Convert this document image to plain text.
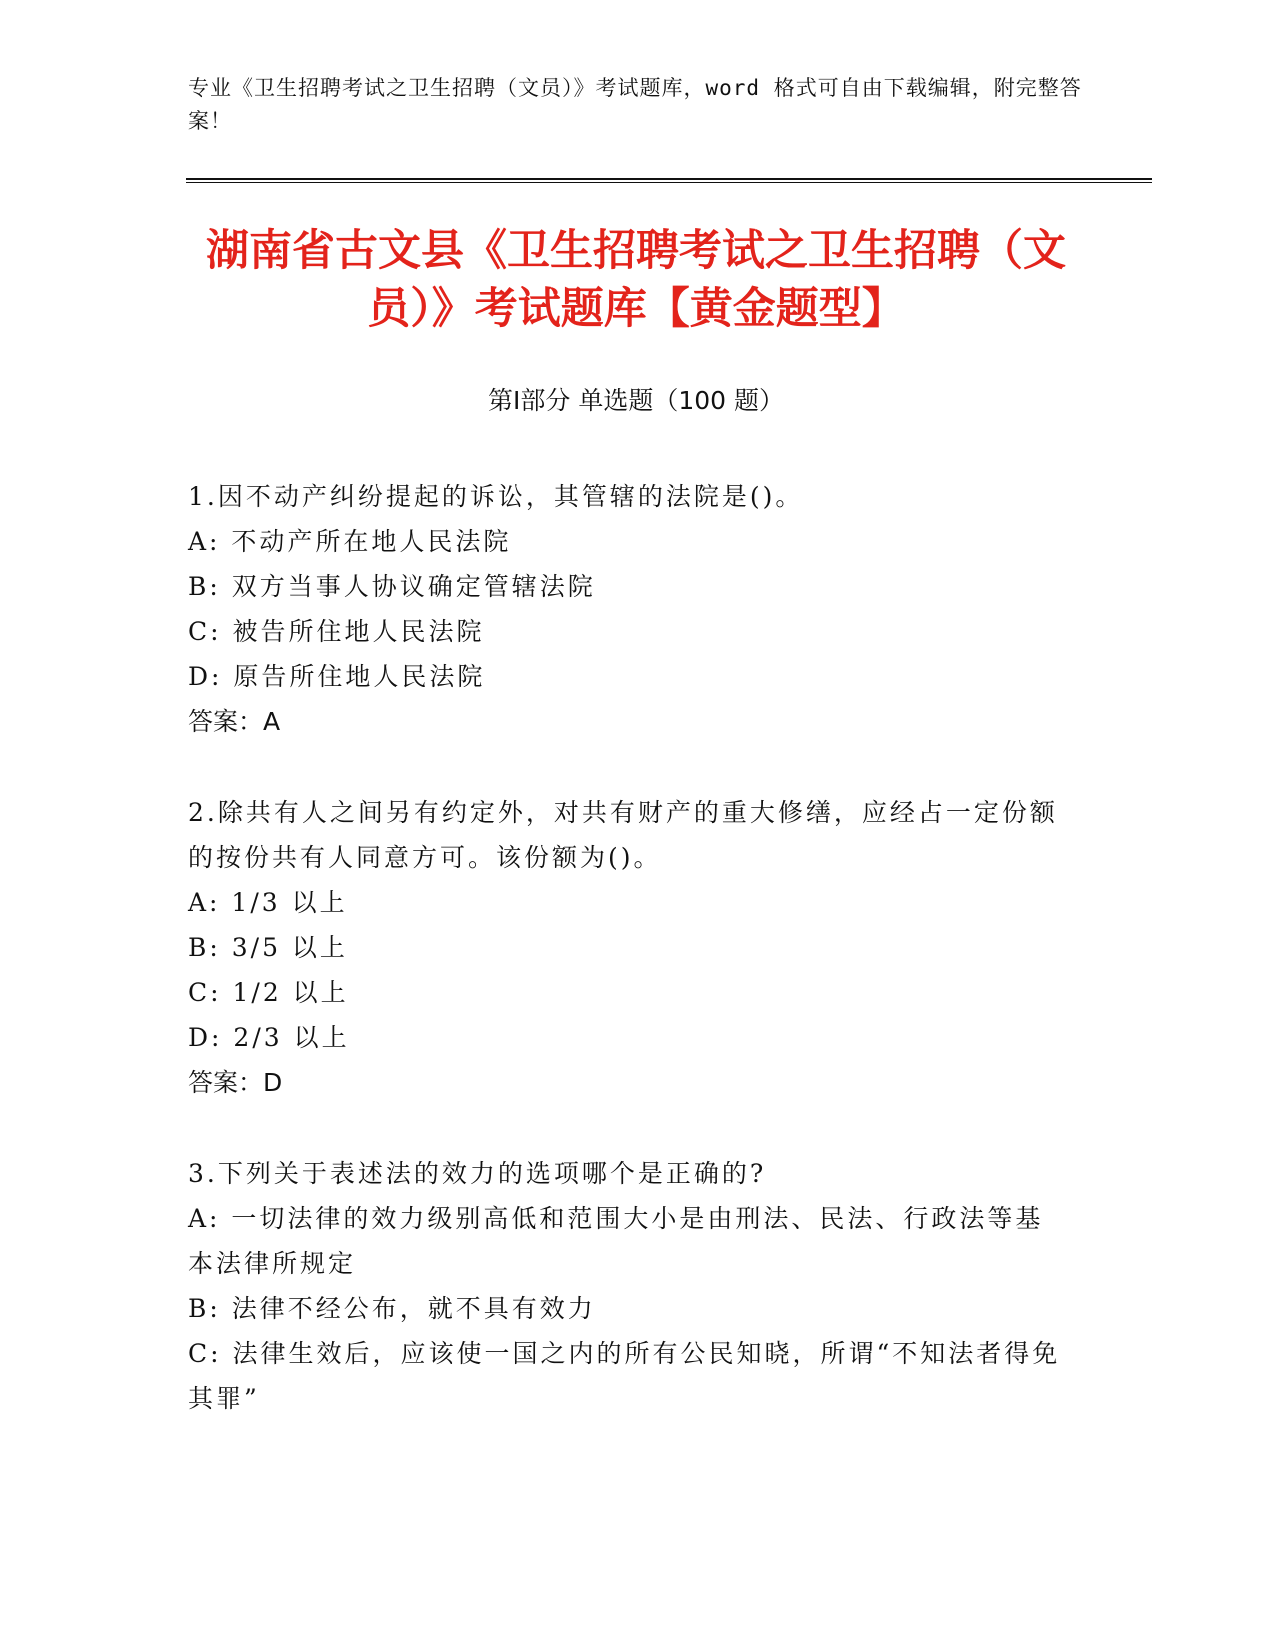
专业《卫生招聘考试之卫生招聘（文员）》考试题库，word 格式可自由下载编辑，附完整答案！
湖南省古文县《卫生招聘考试之卫生招聘（文员）》考试题库【黄金题型】
第Ⅰ部分 单选题（100 题）
1.因不动产纠纷提起的诉讼，其管辖的法院是()。
A: 不动产所在地人民法院
B: 双方当事人协议确定管辖法院
C: 被告所住地人民法院
D: 原告所住地人民法院
答案：A
2.除共有人之间另有约定外，对共有财产的重大修缮，应经占一定份额的按份共有人同意方可。该份额为()。
A: 1/3 以上
B: 3/5 以上
C: 1/2 以上
D: 2/3 以上
答案：D
3.下列关于表述法的效力的选项哪个是正确的?
A: 一切法律的效力级别高低和范围大小是由刑法、民法、行政法等基本法律所规定
B: 法律不经公布，就不具有效力
C: 法律生效后，应该使一国之内的所有公民知晓，所谓“不知法者得免其罪”
